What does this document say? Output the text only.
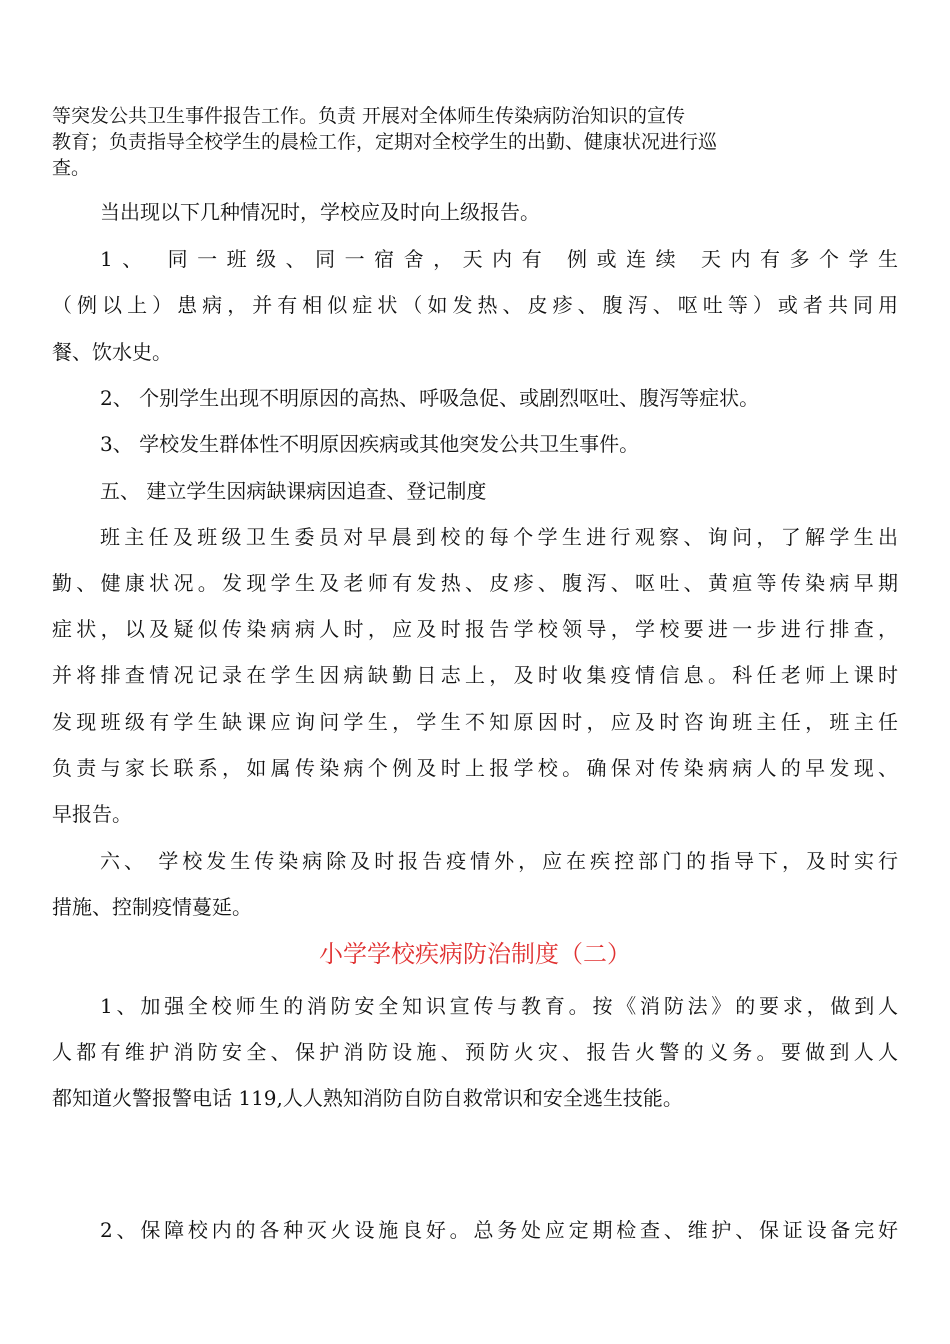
等突发公共卫生事件报告工作。负责 开展对全体师生传染病防治知识的宣传
教育；负责指导全校学生的晨检工作，定期对全校学生的出勤、健康状况进行巡
查。
当出现以下几种情况时，学校应及时向上级报告。
1、 同一班级、同一宿舍，天内有 例或连续 天内有多个学生
（例以上）患病，并有相似症状（如发热、皮疹、腹泻、呕吐等）或者共同用
餐、饮水史。
2、 个别学生出现不明原因的高热、呼吸急促、或剧烈呕吐、腹泻等症状。
3、 学校发生群体性不明原因疾病或其他突发公共卫生事件。
五、 建立学生因病缺课病因追查、登记制度
班主任及班级卫生委员对早晨到校的每个学生进行观察、询问，了解学生出
勤、健康状况。发现学生及老师有发热、皮疹、腹泻、呕吐、黄疸等传染病早期
症状，以及疑似传染病病人时，应及时报告学校领导，学校要进一步进行排查，
并将排查情况记录在学生因病缺勤日志上，及时收集疫情信息。科任老师上课时
发现班级有学生缺课应询问学生，学生不知原因时，应及时咨询班主任，班主任
负责与家长联系，如属传染病个例及时上报学校。确保对传染病病人的早发现、
早报告。
六、 学校发生传染病除及时报告疫情外，应在疾控部门的指导下，及时实行
措施、控制疫情蔓延。
小学学校疾病防治制度（二）
1、加强全校师生的消防安全知识宣传与教育。按《消防法》的要求，做到人
人都有维护消防安全、保护消防设施、预防火灾、报告火警的义务。要做到人人
都知道火警报警电话 119,人人熟知消防自防自救常识和安全逃生技能。
2、保障校内的各种灭火设施良好。总务处应定期检查、维护、保证设备完好
